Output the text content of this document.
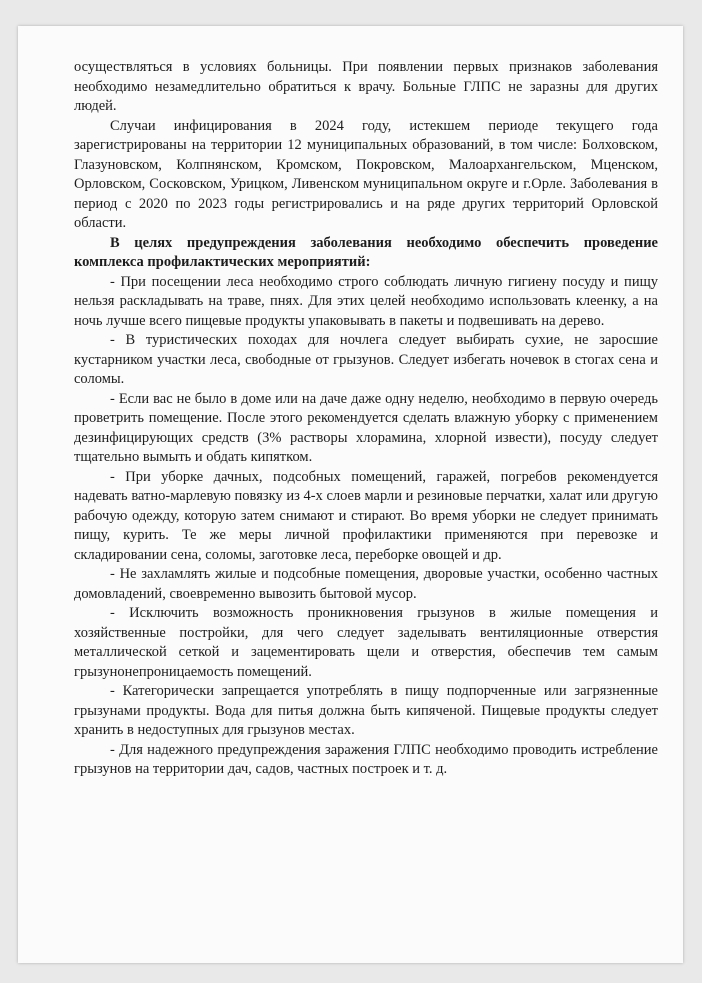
осуществляться в условиях больницы. При появлении первых признаков заболевания необходимо незамедлительно обратиться к врачу. Больные ГЛПС не заразны для других людей.

Случаи инфицирования в 2024 году, истекшем периоде текущего года зарегистрированы на территории 12 муниципальных образований, в том числе: Болховском, Глазуновском, Колпнянском, Кромском, Покровском, Малоархангельском, Мценском, Орловском, Сосковском, Урицком, Ливенском муниципальном округе и г.Орле. Заболевания в период с 2020 по 2023 годы регистрировались и на ряде других территорий Орловской области.

В целях предупреждения заболевания необходимо обеспечить проведение комплекса профилактических мероприятий:

- При посещении леса необходимо строго соблюдать личную гигиену посуду и пищу нельзя раскладывать на траве, пнях. Для этих целей необходимо использовать клеенку, а на ночь лучше всего пищевые продукты упаковывать в пакеты и подвешивать на дерево.

- В туристических походах для ночлега следует выбирать сухие, не заросшие кустарником участки леса, свободные от грызунов. Следует избегать ночевок в стогах сена и соломы.

- Если вас не было в доме или на даче даже одну неделю, необходимо в первую очередь проветрить помещение. После этого рекомендуется сделать влажную уборку с применением дезинфицирующих средств (3% растворы хлорамина, хлорной извести), посуду следует тщательно вымыть и обдать кипятком.

- При уборке дачных, подсобных помещений, гаражей, погребов рекомендуется надевать ватно-марлевую повязку из 4-х слоев марли и резиновые перчатки, халат или другую рабочую одежду, которую затем снимают и стирают. Во время уборки не следует принимать пищу, курить. Те же меры личной профилактики применяются при перевозке и складировании сена, соломы, заготовке леса, переборке овощей и др.

- Не захламлять жилые и подсобные помещения, дворовые участки, особенно частных домовладений, своевременно вывозить бытовой мусор.

- Исключить возможность проникновения грызунов в жилые помещения и хозяйственные постройки, для чего следует заделывать вентиляционные отверстия металлической сеткой и зацементировать щели и отверстия, обеспечив тем самым грызунонепроницаемость помещений.

- Категорически запрещается употреблять в пищу подпорченные или загрязненные грызунами продукты. Вода для питья должна быть кипяченой. Пищевые продукты следует хранить в недоступных для грызунов местах.

- Для надежного предупреждения заражения ГЛПС необходимо проводить истребление грызунов на территории дач, садов, частных построек и т. д.
